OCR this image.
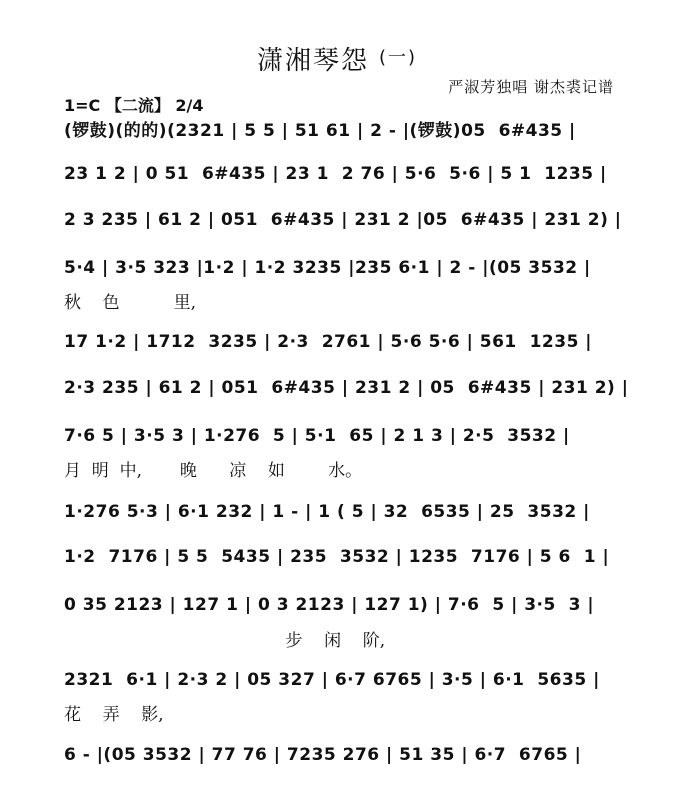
潇湘琴怨 $^{(一)}$
严淑芳独唱 谢杰裘记谱
1=C 【二流】 2/4
(锣鼓)(的的)(2321 | 5 5 | 51 61 | 2 - |(锣鼓)05  6#435 |
23 1 2 | 0 51  6#435 | 23 1  2 76 | 5·6  5·6 | 5 1  1235 |
2 3 235 | 61 2 | 051  6#435 | 231 2 |05  6#435 | 231 2) |
5·4 | 3·5 323 |1·2 | 1·2 3235 |235 6·1 | 2 - |(05 3532 |
秋    色          里,
17 1·2 | 1712  3235 | 2·3  2761 | 5·6 5·6 | 561  1235 |
2·3 235 | 61 2 | 051  6#435 | 231 2 | 05  6#435 | 231 2) |
7·6 5 | 3·5 3 | 1·276  5 | 5·1  65 | 2 1 3 | 2·5  3532 |
月  明  中,       晚      凉    如        水。
1·276 5·3 | 6·1 232 | 1 - | 1 ( 5 | 32  6535 | 25  3532 |
1·2  7176 | 5 5  5435 | 235  3532 | 1235  7176 | 5 6  1 |
0 35 2123 | 127 1 | 0 3 2123 | 127 1) | 7·6  5 | 3·5  3 |
步    闲    阶,
2321  6·1 | 2·3 2 | 05 327 | 6·7 6765 | 3·5 | 6·1  5635 |
花    弄    影,
6 - |(05 3532 | 77 76 | 7235 276 | 51 35 | 6·7  6765 |
